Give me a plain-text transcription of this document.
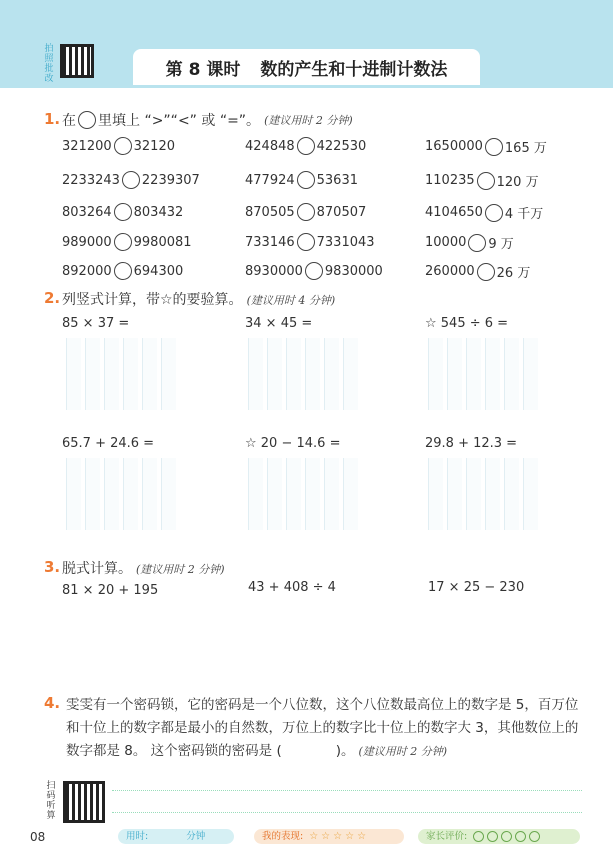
拍照批改	第 8 课时 数的产生和十进制计数法
1. 在 里填上 “>”“<” 或 “=”。 (建议用时 2 分钟)
321200 32120	424848 422530	1650000 165 万
2233243 2239307	477924 53631	110235 120 万
803264 803432	870505 870507	4104650 4 千万
989000 9980081	733146 7331043	10000 9 万
892000 694300	8930000 9830000	260000 26 万
2. 列竖式计算，带☆的要验算。 (建议用时 4 分钟)
85 × 37 =	34 × 45 =	☆ 545 ÷ 6 =
65.7 + 24.6 =	☆ 20 − 14.6 =	29.8 + 12.3 =
3. 脱式计算。 (建议用时 2 分钟)
81 × 20 + 195	43 + 408 ÷ 4	17 × 25 − 230
4. 雯雯有一个密码锁，它的密码是一个八位数，这个八位数最高位上的数字是 5，百万位和十位上的数字都是最小的自然数，万位上的数字比十位上的数字大 3，其他数位上的数字都是 8。 这个密码锁的密码是 (	)。 (建议用时 2 分钟)
扫码听算
08	用时:	分钟	我的表现: ☆ ☆ ☆ ☆ ☆	家长评价:
